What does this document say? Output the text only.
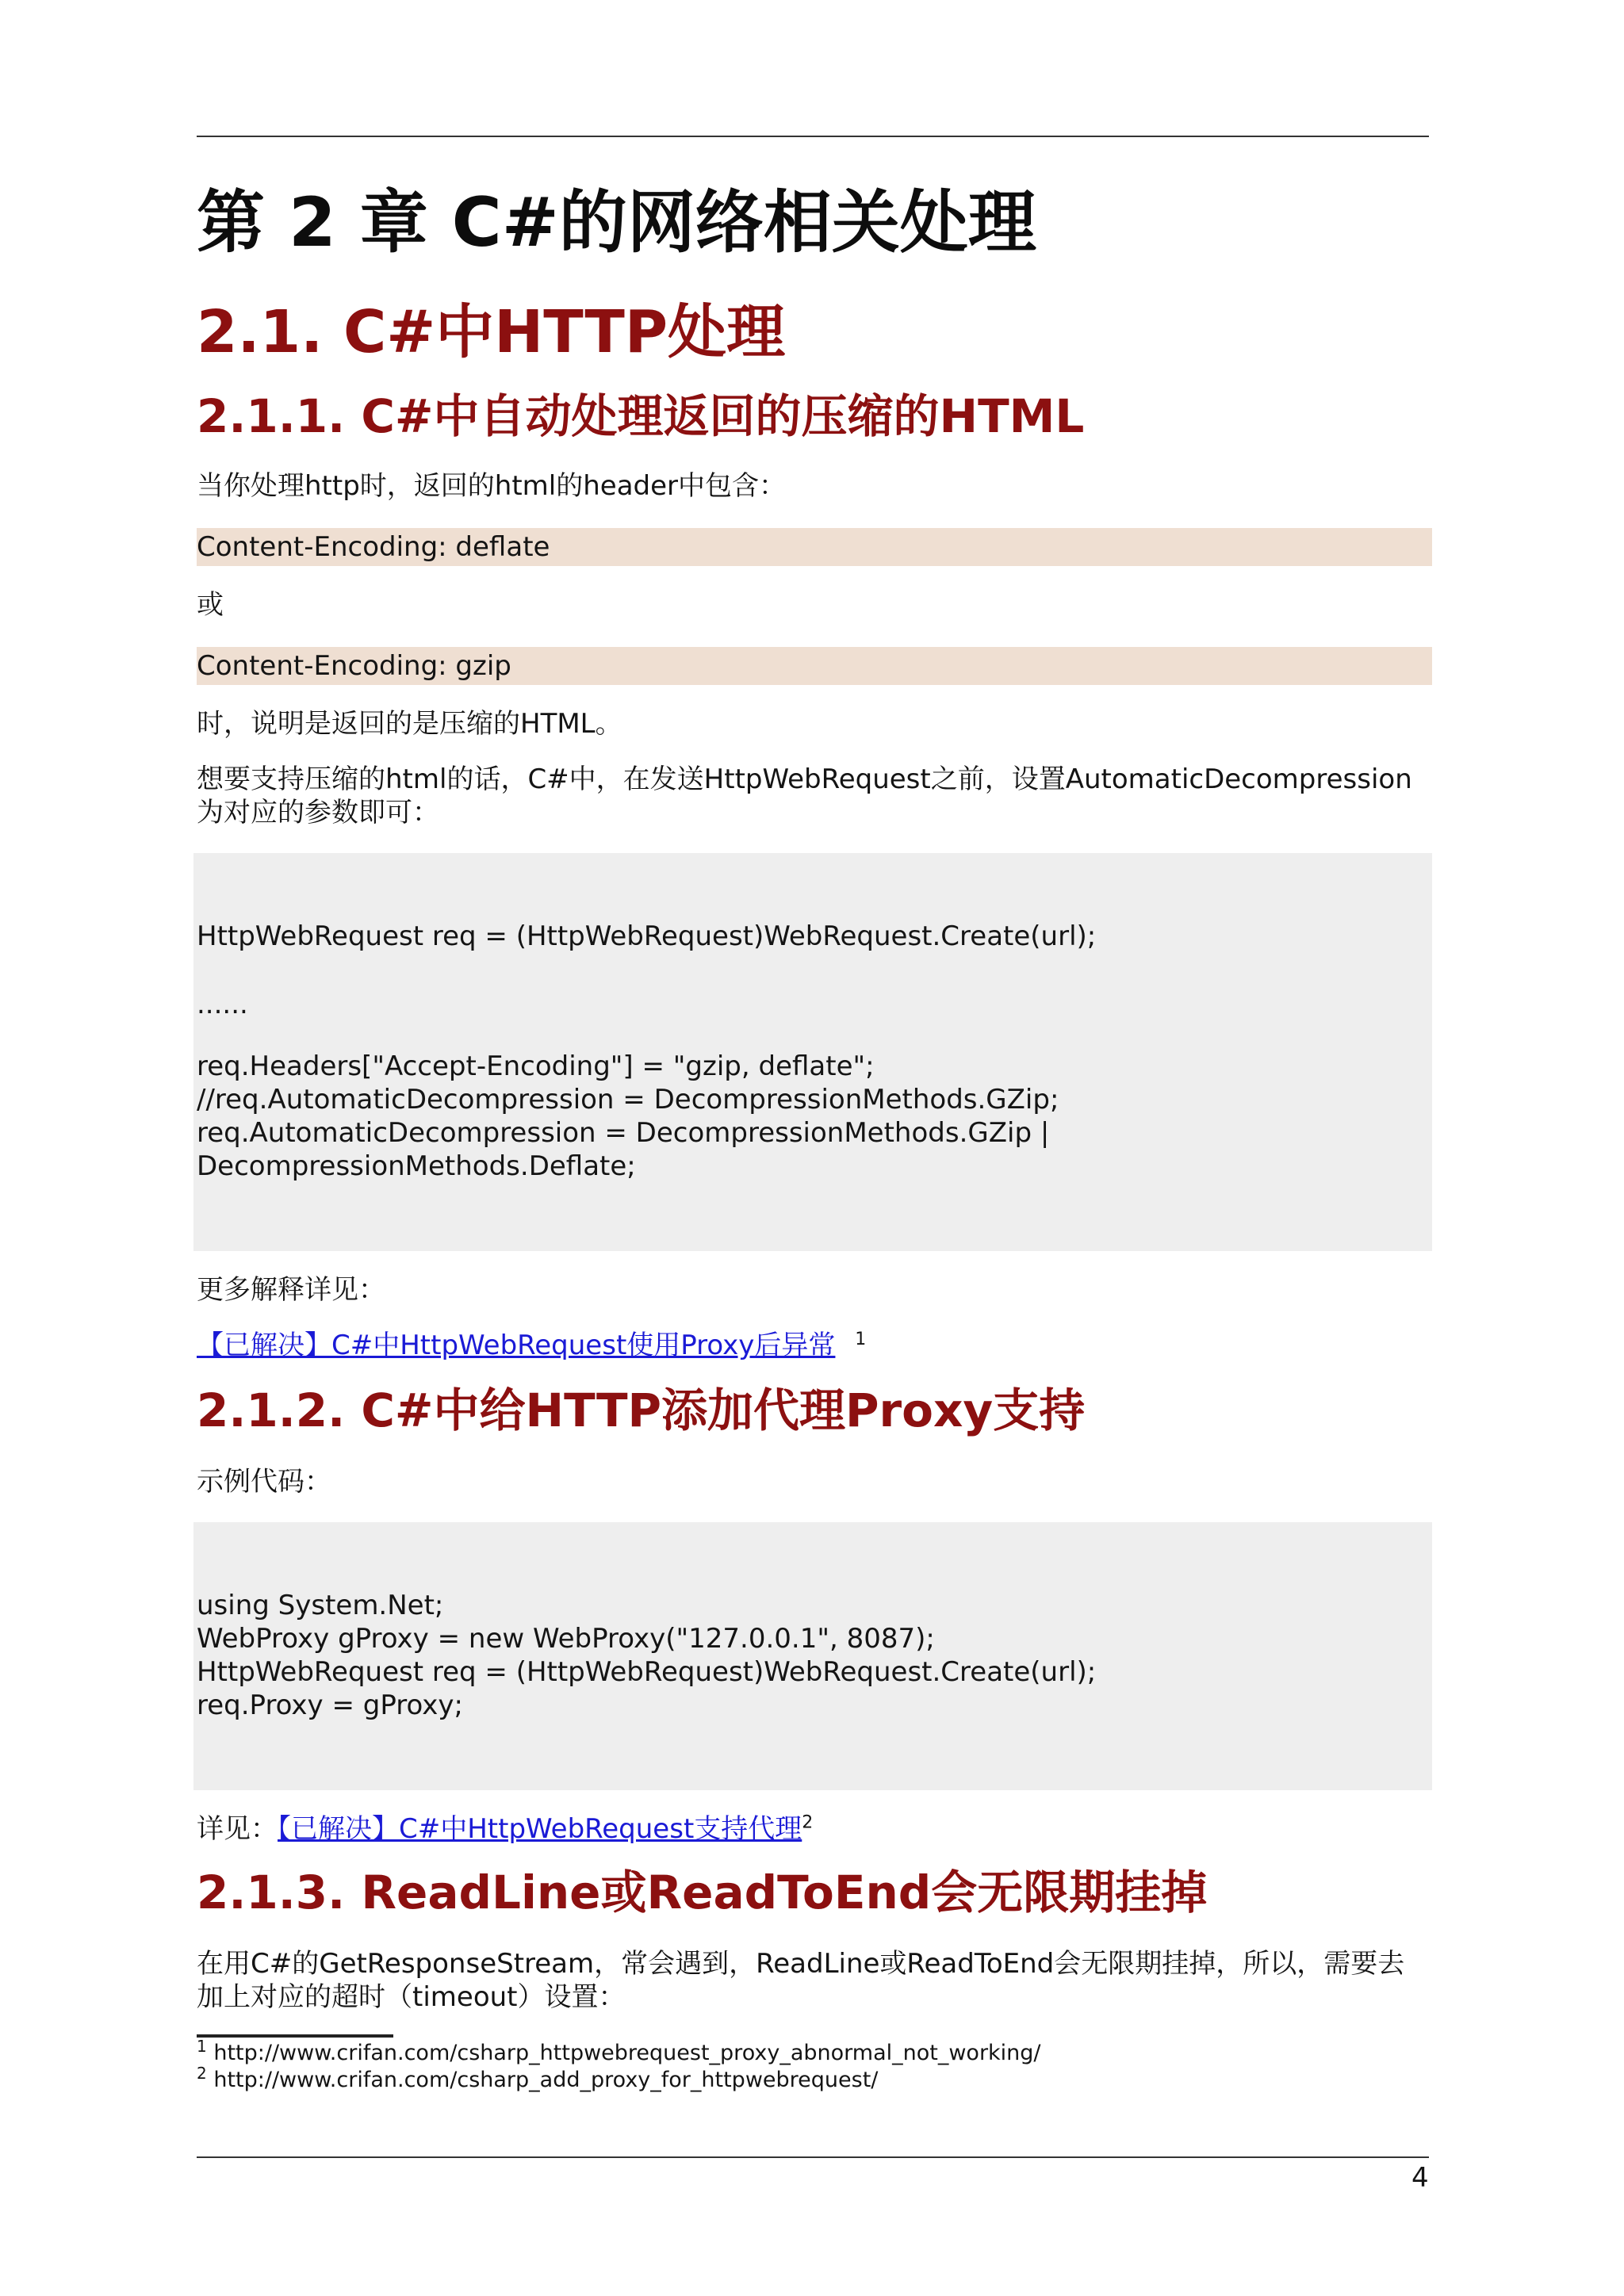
第 2 章 C#的网络相关处理
2.1. C#中HTTP处理
2.1.1. C#中自动处理返回的压缩的HTML
当你处理http时，返回的html的header中包含：
Content-Encoding: deflate
或
Content-Encoding: gzip
时，说明是返回的是压缩的HTML。
想要支持压缩的html的话，C#中，在发送HttpWebRequest之前，设置AutomaticDecompression为对应的参数即可：
HttpWebRequest req = (HttpWebRequest)WebRequest.Create(url);
......
req.Headers["Accept-Encoding"] = "gzip, deflate";
//req.AutomaticDecompression = DecompressionMethods.GZip;
req.AutomaticDecompression = DecompressionMethods.GZip |
DecompressionMethods.Deflate;
更多解释详见：
【已解决】C#中HttpWebRequest使用Proxy后异常 $^1$
2.1.2. C#中给HTTP添加代理Proxy支持
示例代码：
using System.Net;
WebProxy gProxy = new WebProxy("127.0.0.1", 8087);
HttpWebRequest req = (HttpWebRequest)WebRequest.Create(url);
req.Proxy = gProxy;
详见：【已解决】C#中HttpWebRequest支持代理$^2$
2.1.3. ReadLine或ReadToEnd会无限期挂掉
在用C#的GetResponseStream，常会遇到，ReadLine或ReadToEnd会无限期挂掉，所以，需要去加上对应的超时（timeout）设置：
$^1$ http://www.crifan.com/csharp_httpwebrequest_proxy_abnormal_not_working/
$^2$ http://www.crifan.com/csharp_add_proxy_for_httpwebrequest/
4
